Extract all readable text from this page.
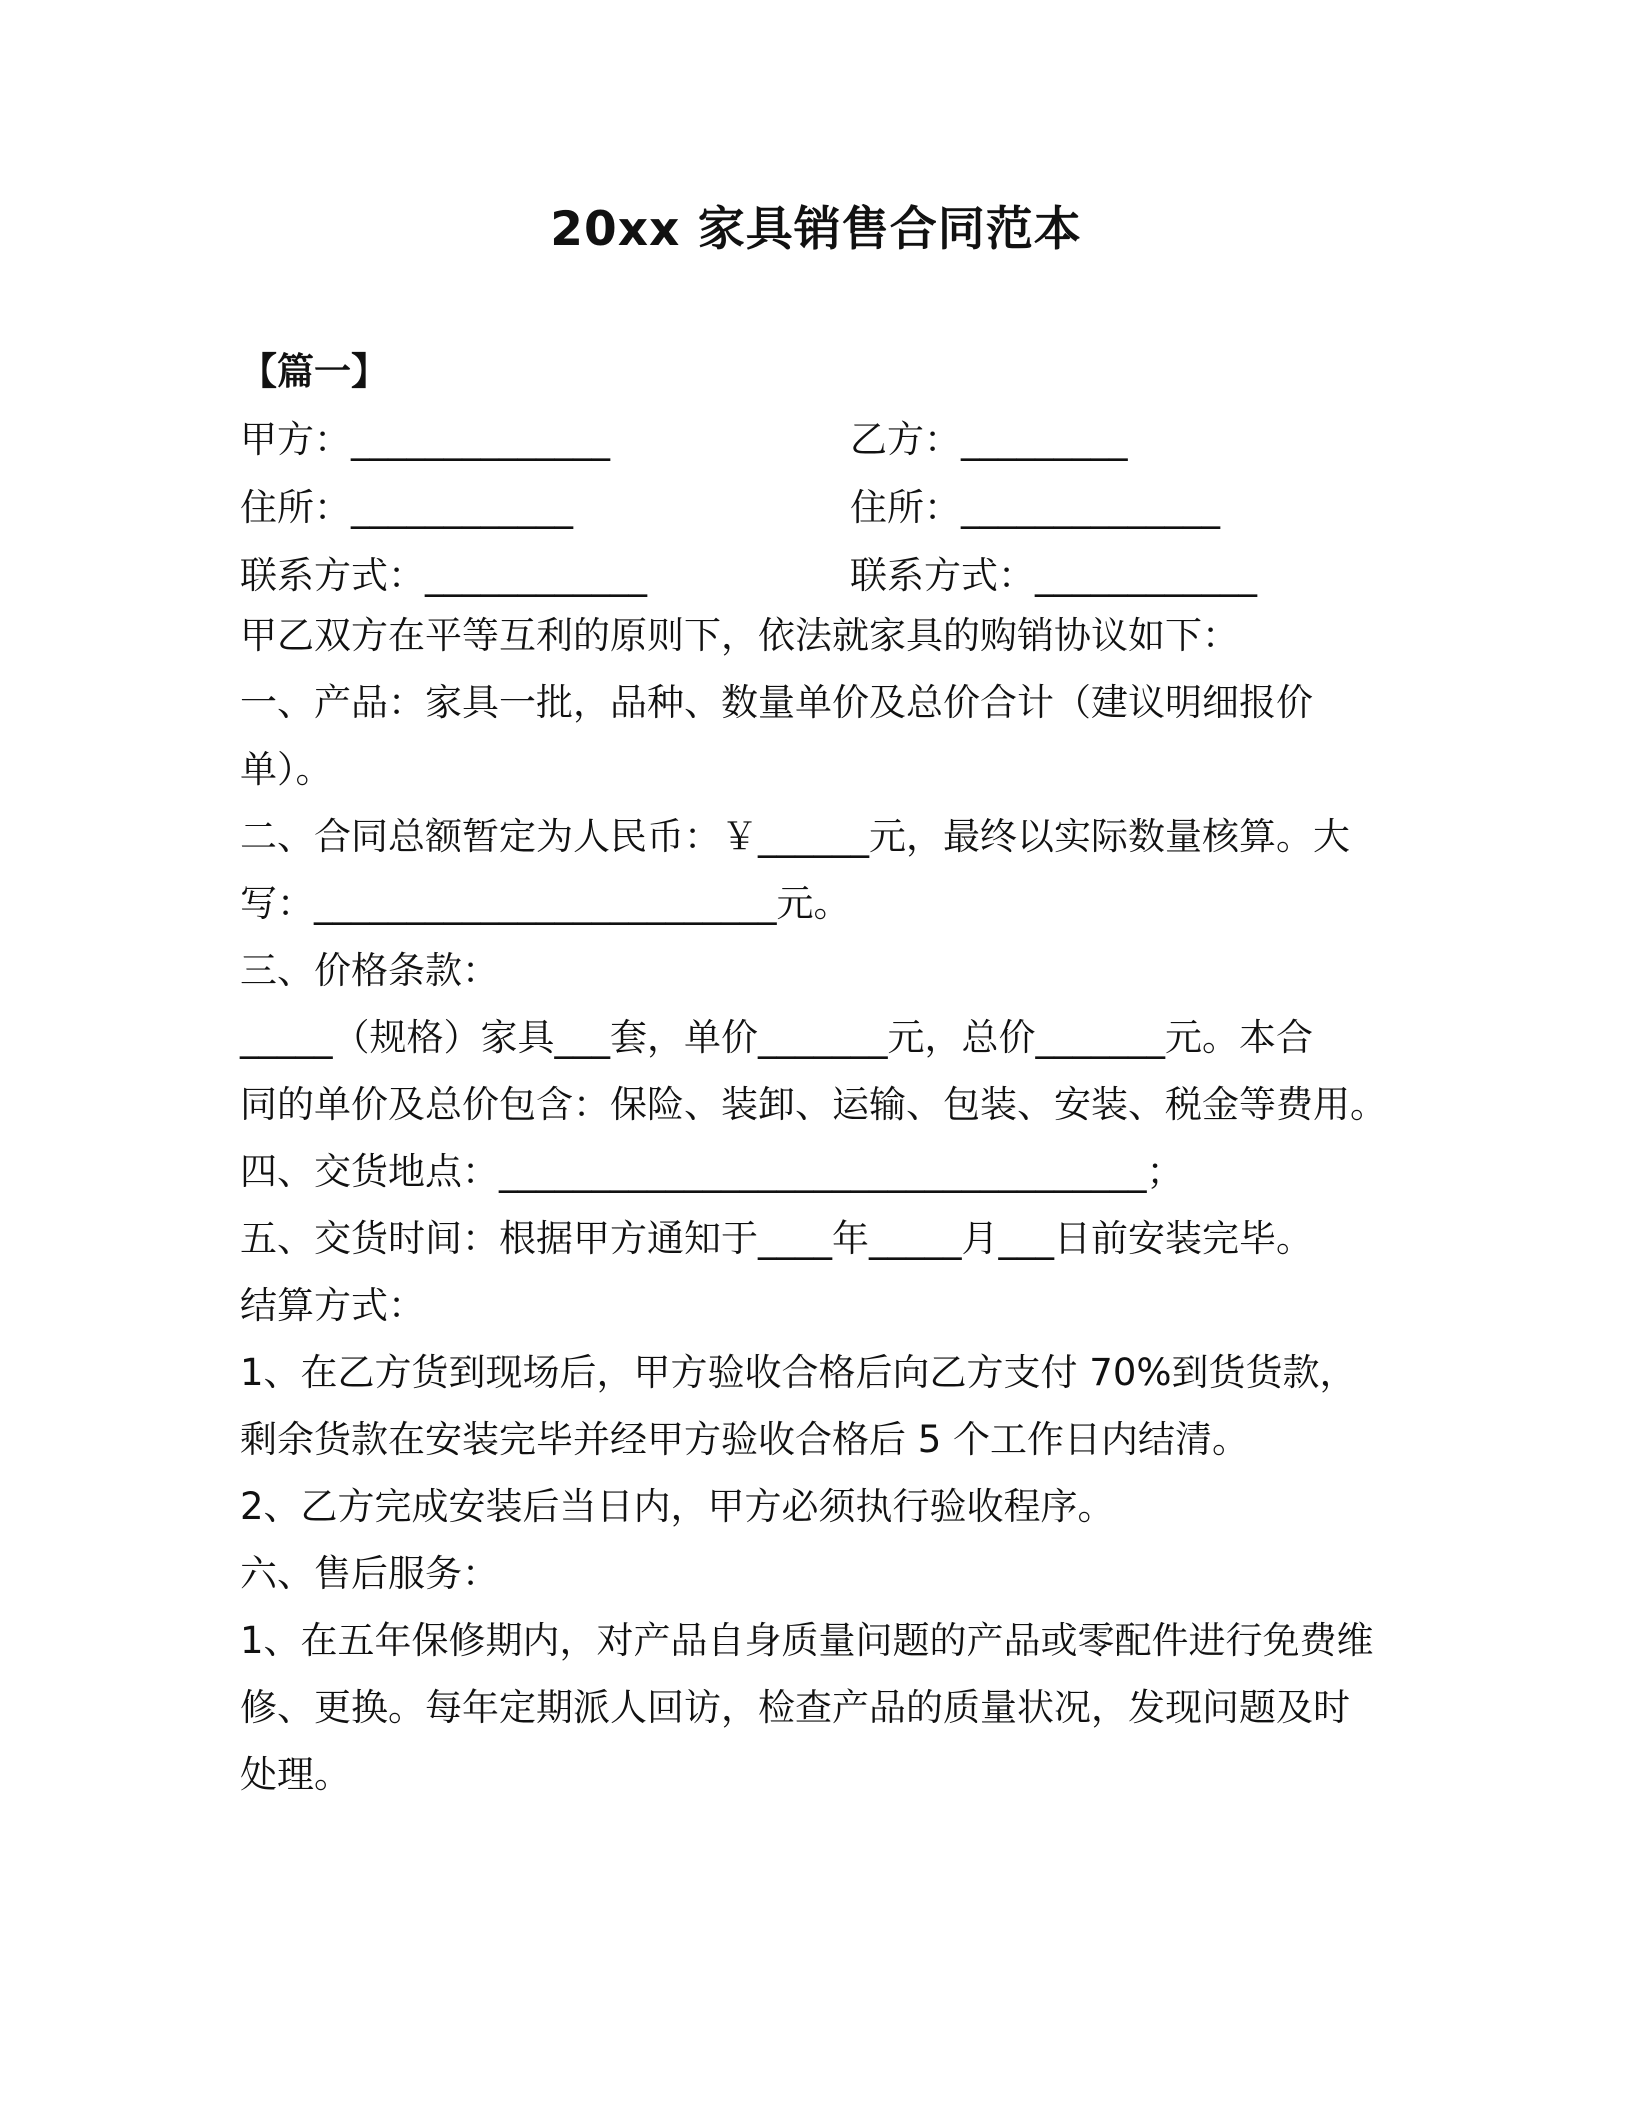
20xx 家具销售合同范本
【篇一】
甲方：______________	乙方：_________
住所：____________	住所：______________
联系方式：____________	联系方式：____________
甲乙双方在平等互利的原则下，依法就家具的购销协议如下：
一、产品：家具一批，品种、数量单价及总价合计（建议明细报价
单）。
二、合同总额暂定为人民币：￥______元，最终以实际数量核算。大
写：_________________________元。
三、价格条款：
_____（规格）家具___套，单价_______元，总价_______元。本合
同的单价及总价包含：保险、装卸、运输、包装、安装、税金等费用。
四、交货地点：___________________________________；
五、交货时间：根据甲方通知于____年_____月___日前安装完毕。
结算方式：
1、在乙方货到现场后，甲方验收合格后向乙方支付 70%到货货款，
剩余货款在安装完毕并经甲方验收合格后 5 个工作日内结清。
2、乙方完成安装后当日内，甲方必须执行验收程序。
六、售后服务：
1、在五年保修期内，对产品自身质量问题的产品或零配件进行免费维
修、更换。每年定期派人回访，检查产品的质量状况，发现问题及时
处理。
